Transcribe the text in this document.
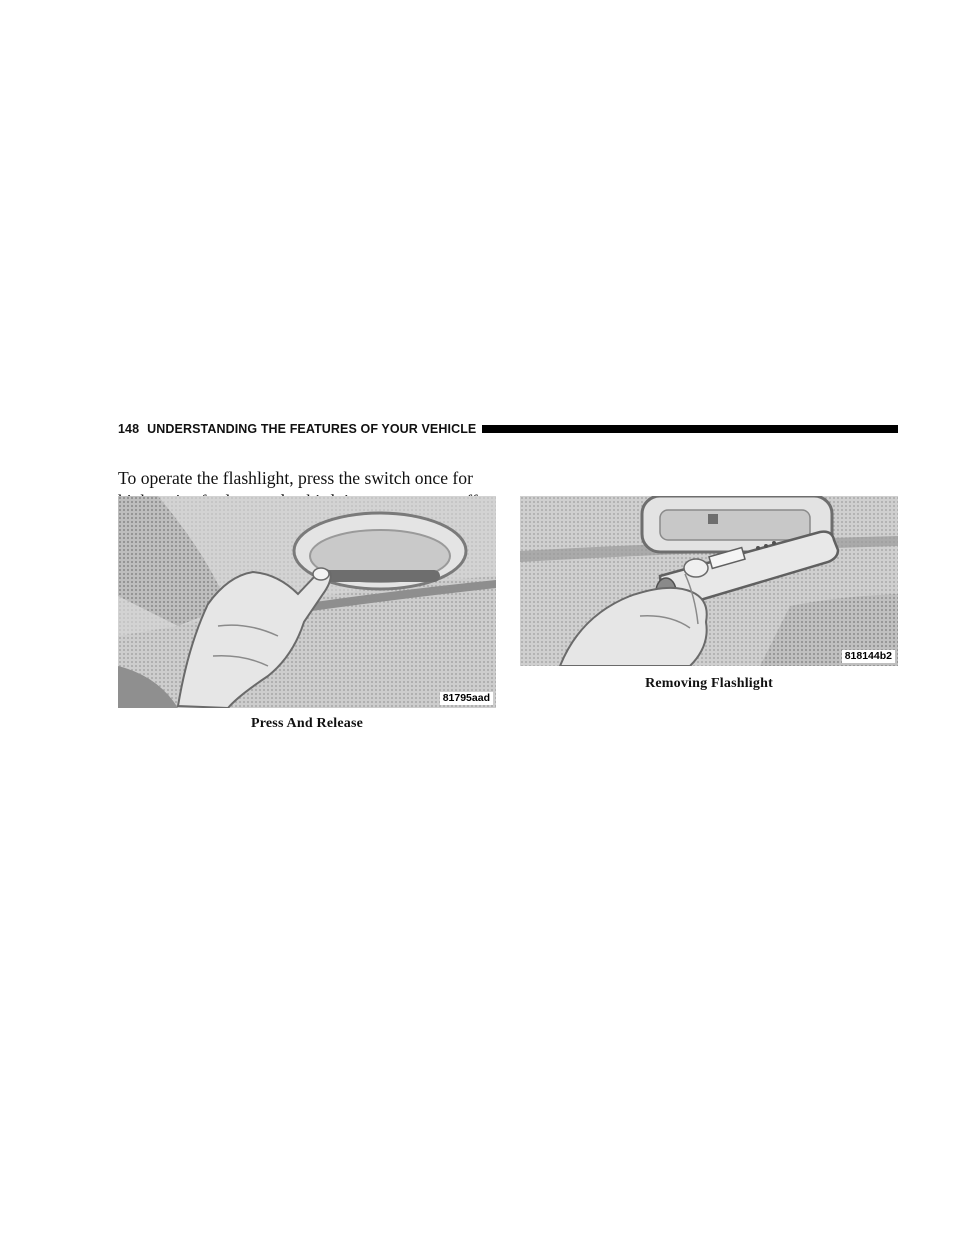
148 UNDERSTANDING THE FEATURES OF YOUR VEHICLE

To operate the flashlight, press the switch once for

81795aad
Press And Release
818144b2
Removing Flashlight
